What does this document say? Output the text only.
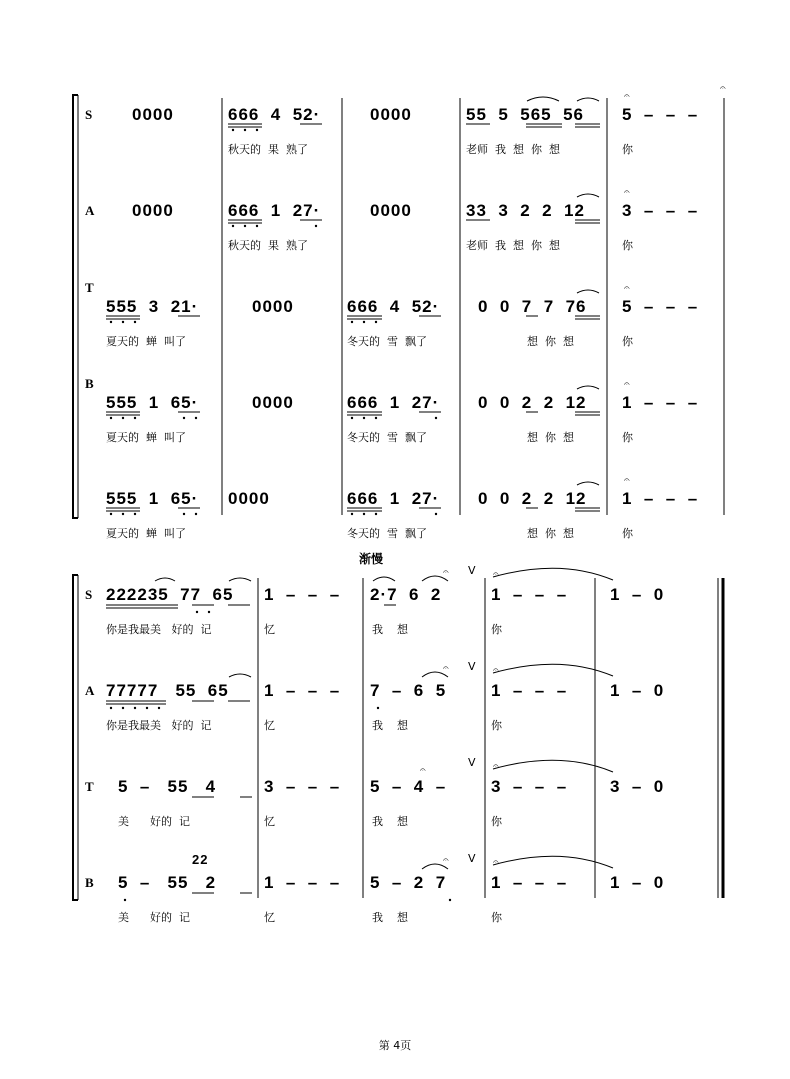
S
A
T
B
0000	666  4  52·	0000	55  5  565  56 5  –  –  –
秋天的  果  熟了	老师  我  想  你  想	你
0000	666  1  27·	0000	33  3  2  2  12 3  –  –  –
秋天的  果  熟了	老师  我  想  你  想	你
555  3  21·	0000	666  4  52· 0  0  7  7  76 5  –  –  –
夏天的  蝉  叫了	冬天的  雪  飘了	想  你  想	你
555  1  65·	0000	666  1  27· 0  0  2  2  12 1  –  –  –
夏天的  蝉  叫了	冬天的  雪  飘了	想  你  想	你
555  1  65· 0000	666  1  27· 0  0  2  2  12 1  –  –  –
夏天的  蝉  叫了	冬天的  雪  飘了	想  你  想	你
𝄐
𝄐
𝄐
𝄐
𝄐
𝄐
渐慢
S
A
T
B
222235  77  65 1  –  –  – 2·7  6  2	1  –  –  –	1  –  0
你是我最美   好的  记	忆	我    想	你
77777   55  65 1  –  –  – 7  –  6  5	1  –  –  –	1  –  0
你是我最美   好的  记	忆	我    想	你
5  –   55   4	3  –  –  – 5  –  4  –	3  –  –  –	3  –  0
美      好的  记	忆	我    想	你
22
5  –   55   2	1  –  –  – 5  –  2  7	1  –  –  –	1  –  0
美      好的  记	忆	我    想	你
V
V
V
V
𝄐	𝄐
𝄐	𝄐
𝄐	𝄐
𝄐	𝄐
第 4页
